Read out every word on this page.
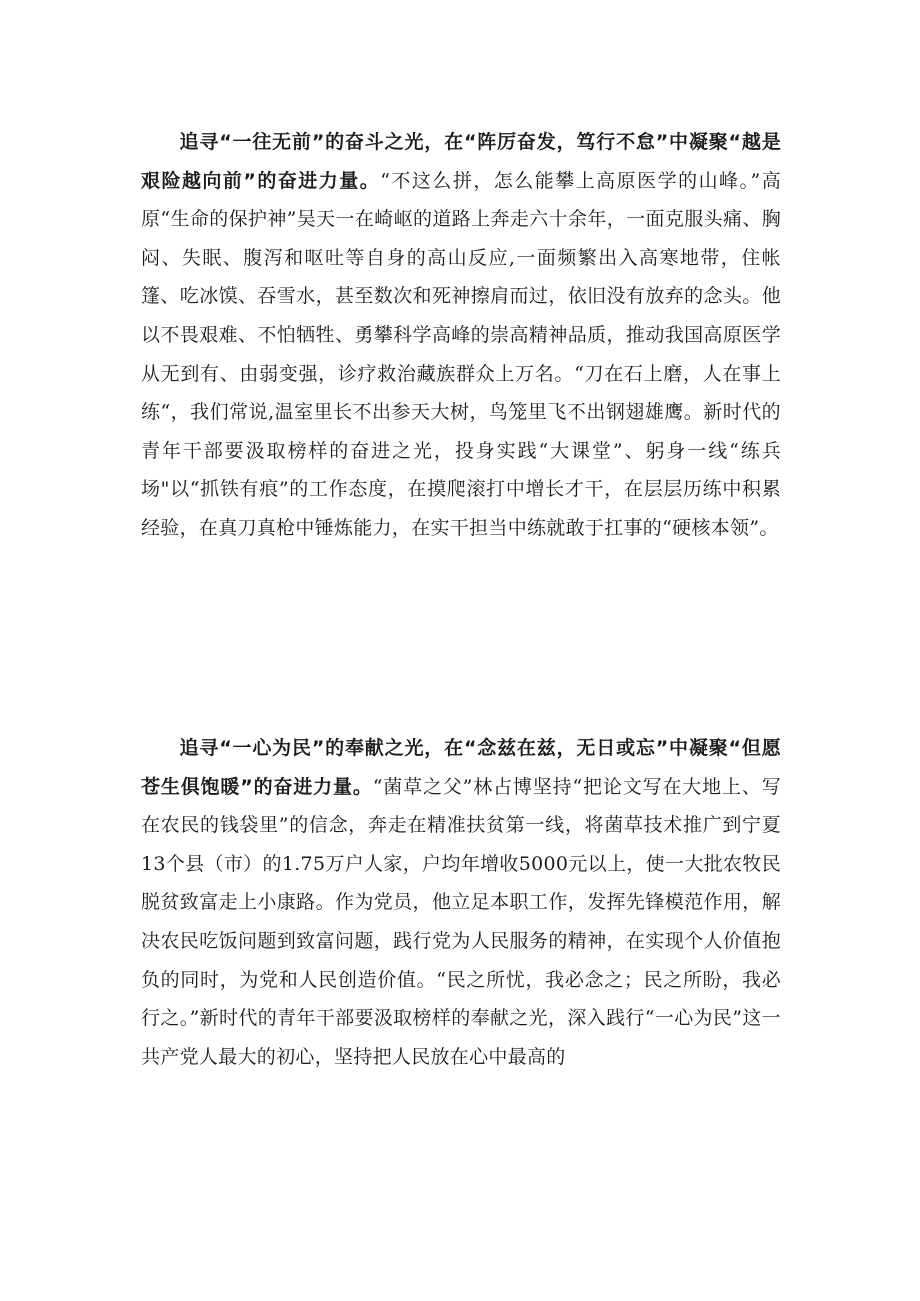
追寻“一往无前”的奋斗之光，在“阵厉奋发，笃行不怠”中凝聚“越是艰险越向前”的奋进力量。“不这么拼，怎么能攀上高原医学的山峰。”高原“生命的保护神”吴天一在崎岖的道路上奔走六十余年，一面克服头痛、胸闷、失眠、腹泻和呕吐等自身的高山反应,一面频繁出入高寒地带，住帐篷、吃冰馍、吞雪水，甚至数次和死神擦肩而过，依旧没有放弃的念头。他以不畏艰难、不怕牺牲、勇攀科学高峰的崇高精神品质，推动我国高原医学从无到有、由弱变强，诊疗救治藏族群众上万名。“刀在石上磨，人在事上练“，我们常说,温室里长不出参天大树，鸟笼里飞不出钢翅雄鹰。新时代的青年干部要汲取榜样的奋进之光，投身实践“大课堂”、躬身一线“练兵场"以“抓铁有痕”的工作态度，在摸爬滚打中增长才干，在层层历练中积累经验，在真刀真枪中锤炼能力，在实干担当中练就敢于扛事的“硬核本领”。

追寻“一心为民”的奉献之光，在“念兹在兹，无日或忘”中凝聚“但愿苍生俱饱暖”的奋进力量。“菌草之父”林占博坚持“把论文写在大地上、写在农民的钱袋里”的信念，奔走在精准扶贫第一线，将菌草技术推广到宁夏13个县（市）的1.75万户人家，户均年增收5000元以上，使一大批农牧民脱贫致富走上小康路。作为党员，他立足本职工作，发挥先锋模范作用，解决农民吃饭问题到致富问题，践行党为人民服务的精神，在实现个人价值抱负的同时，为党和人民创造价值。“民之所忧，我必念之；民之所盼，我必行之。”新时代的青年干部要汲取榜样的奉献之光，深入践行“一心为民”这一共产党人最大的初心，坚持把人民放在心中最高的
